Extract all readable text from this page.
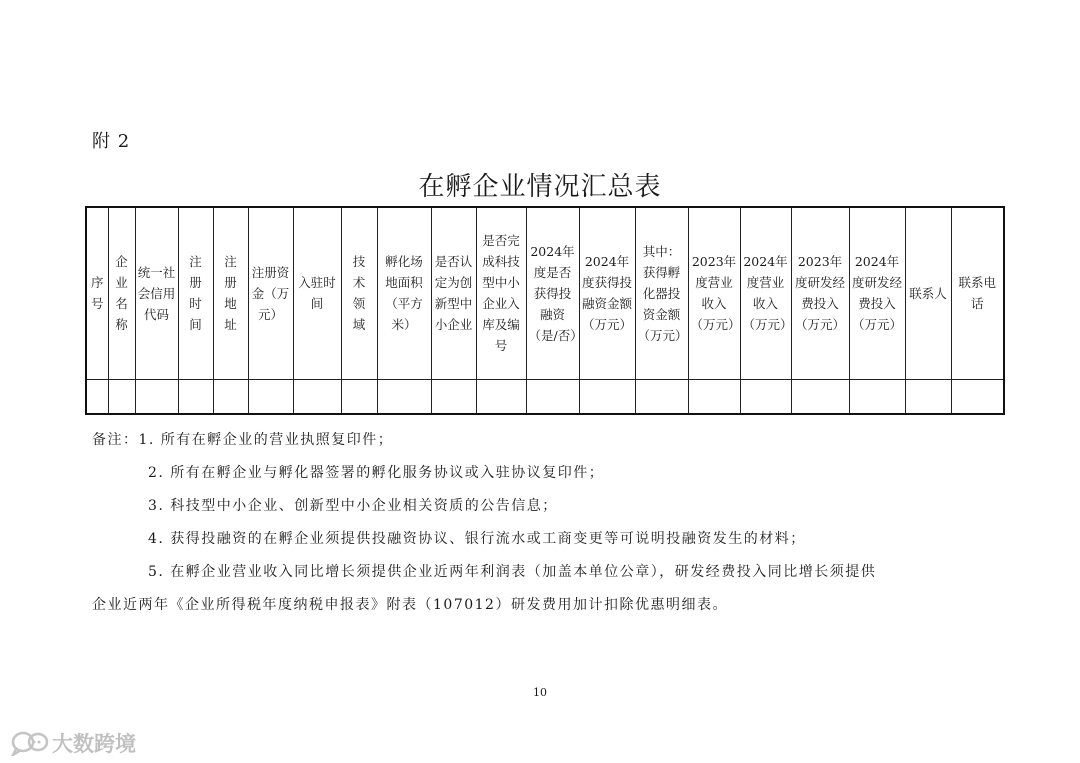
附 2
在孵企业情况汇总表
序号	企业名称	统一社会信用代码	注册时间	注册地址	注册资金（万元）	入驻时间	技术领域	孵化场地面积（平方米）	是否认定为创新型中小企业	是否完成科技型中小企业入库及编号	2024年度是否获得投融资（是/否）	2024年度获得投融资金额（万元）	其中：获得孵化器投资金额（万元）	2023年度营业收入（万元）	2024年度营业收入（万元）	2023年度研发经费投入（万元）	2024年度研发经费投入（万元）	联系人	联系电话

备注：1. 所有在孵企业的营业执照复印件；
2. 所有在孵企业与孵化器签署的孵化服务协议或入驻协议复印件；
3. 科技型中小企业、创新型中小企业相关资质的公告信息；
4. 获得投融资的在孵企业须提供投融资协议、银行流水或工商变更等可说明投融资发生的材料；
5. 在孵企业营业收入同比增长须提供企业近两年利润表（加盖本单位公章），研发经费投入同比增长须提供
企业近两年《企业所得税年度纳税申报表》附表（107012）研发费用加计扣除优惠明细表。
10
大数跨境
